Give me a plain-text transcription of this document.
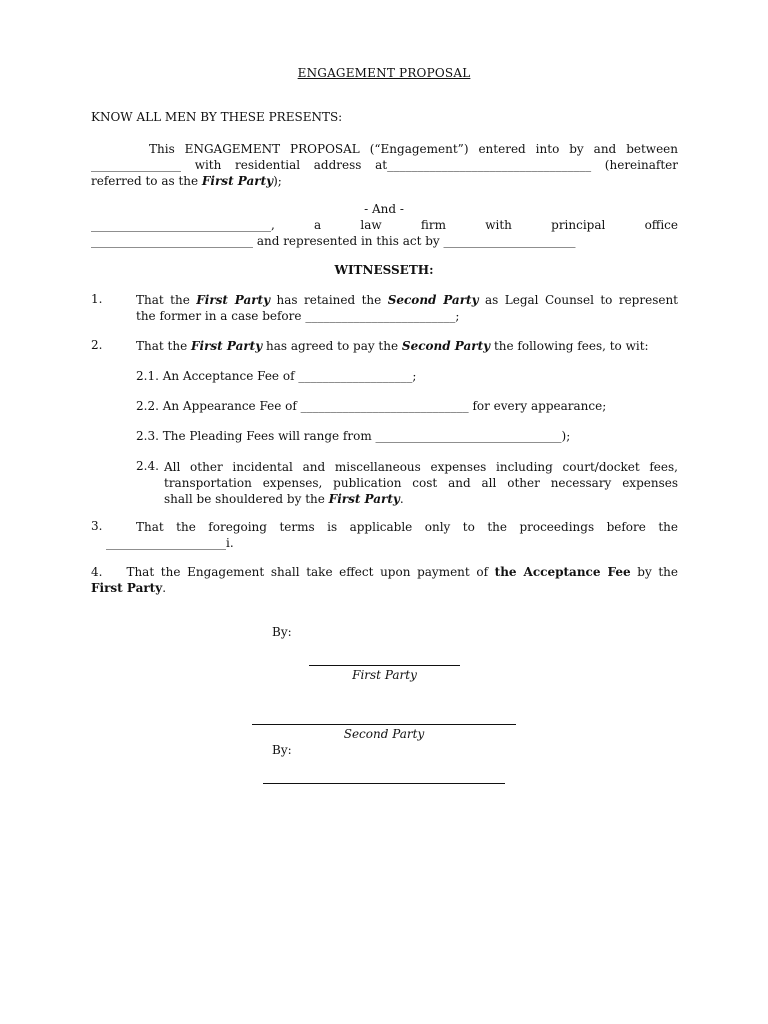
ENGAGEMENT PROPOSAL
KNOW ALL MEN BY THESE PRESENTS:
This ENGAGEMENT PROPOSAL (“Engagement”) entered into by and between
_______________ with residential address at__________________________________ (hereinafter
referred to as the First Party);
- And -
______________________________,	a	law	firm	with	principal	office
___________________________ and represented in this act by ______________________
WITNESSETH:
1.	That the First Party has retained the Second Party as Legal Counsel to represent
the former in a case before _________________________;
2.	That the First Party has agreed to pay the Second Party the following fees, to wit:
2.1. An Acceptance Fee of ___________________;
2.2. An Appearance Fee of ____________________________ for every appearance;
2.3. The Pleading Fees will range from _______________________________);
2.4. All other incidental and miscellaneous expenses including court/docket fees,
transportation expenses, publication cost and all other necessary expenses
shall be shouldered by the First Party.
3.	That the foregoing terms is applicable only to the proceedings before the
____________________i.
4. That the Engagement shall take effect upon payment of the Acceptance Fee by the
First Party.
By:
First Party
Second Party
By:
